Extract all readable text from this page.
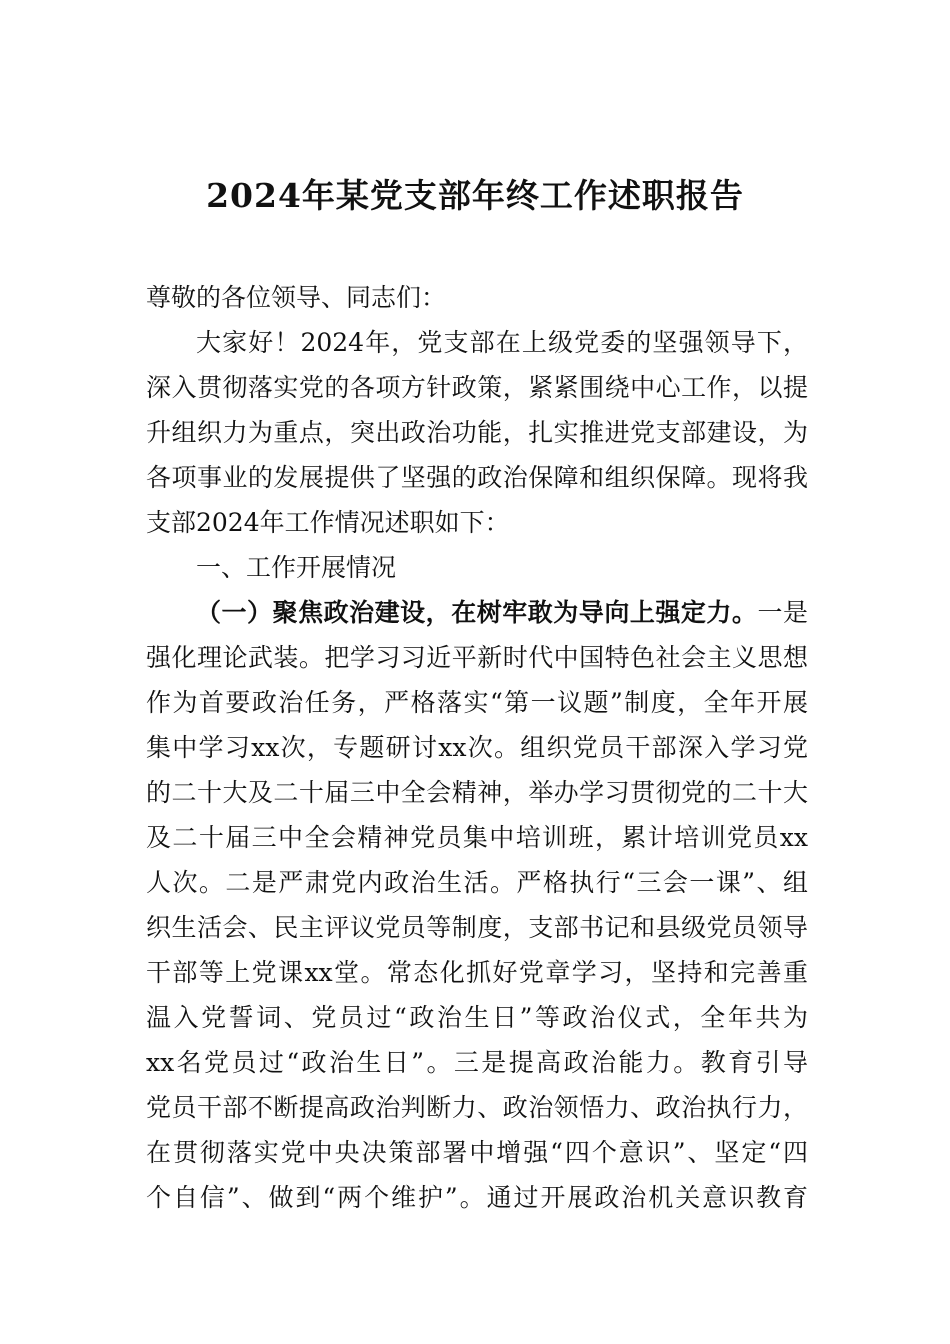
2024年某党支部年终工作述职报告
尊敬的各位领导、同志们：
大家好！2024年，党支部在上级党委的坚强领导下，
深入贯彻落实党的各项方针政策，紧紧围绕中心工作，以提
升组织力为重点，突出政治功能，扎实推进党支部建设，为
各项事业的发展提供了坚强的政治保障和组织保障。现将我
支部2024年工作情况述职如下：
一、工作开展情况
（一）聚焦政治建设，在树牢敢为导向上强定力。一是
强化理论武装。把学习习近平新时代中国特色社会主义思想
作为首要政治任务，严格落实“第一议题”制度，全年开展
集中学习xx次，专题研讨xx次。组织党员干部深入学习党
的二十大及二十届三中全会精神，举办学习贯彻党的二十大
及二十届三中全会精神党员集中培训班，累计培训党员xx
人次。二是严肃党内政治生活。严格执行“三会一课”、组
织生活会、民主评议党员等制度，支部书记和县级党员领导
干部等上党课xx堂。常态化抓好党章学习，坚持和完善重
温入党誓词、党员过“政治生日”等政治仪式，全年共为
xx名党员过“政治生日”。三是提高政治能力。教育引导
党员干部不断提高政治判断力、政治领悟力、政治执行力，
在贯彻落实党中央决策部署中增强“四个意识”、坚定“四
个自信”、做到“两个维护”。通过开展政治机关意识教育
